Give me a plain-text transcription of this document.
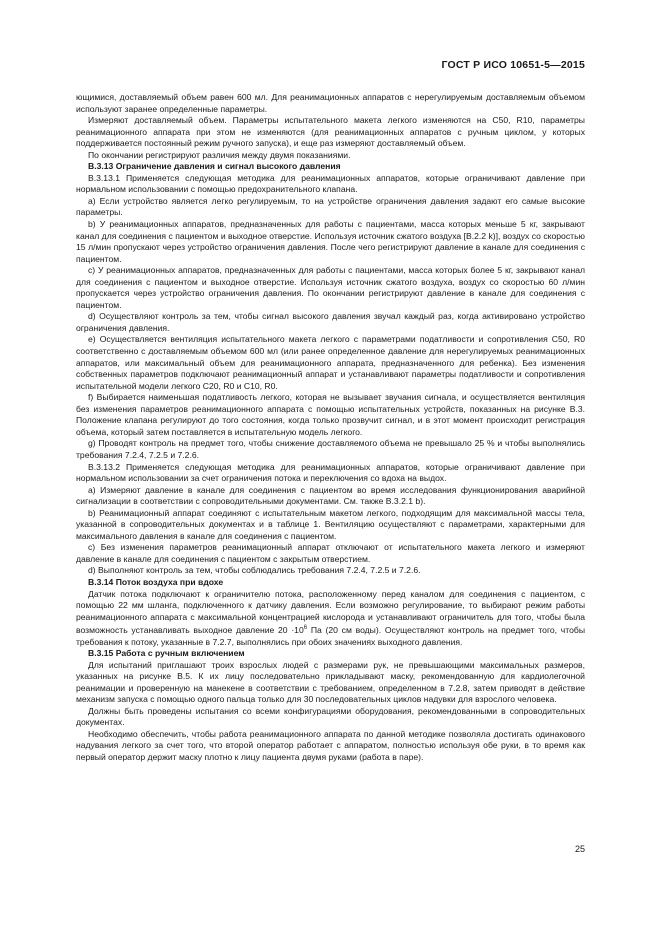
ГОСТ Р ИСО 10651-5—2015

ющимися, доставляемый объем равен 600 мл. Для реанимационных аппаратов с нерегулируемым доставляемым объемом используют заранее определенные параметры.

Измеряют доставляемый объем. Параметры испытательного макета легкого изменяются на С50, R10, параметры реанимационного аппарата при этом не изменяются (для реанимационных аппаратов с ручным циклом, у которых поддерживается постоянный режим ручного запуска), и еще раз измеряют доставляемый объем.

По окончании регистрируют различия между двумя показаниями.

В.3.13 Ограничение давления и сигнал высокого давления

В.3.13.1 Применяется следующая методика для реанимационных аппаратов, которые ограничивают давление при нормальном использовании с помощью предохранительного клапана.

а) Если устройство является легко регулируемым, то на устройстве ограничения давления задают его самые высокие параметры.

b) У реанимационных аппаратов, предназначенных для работы с пациентами, масса которых меньше 5 кг, закрывают канал для соединения с пациентом и выходное отверстие. Используя источник сжатого воздуха [В.2.2 k)], воздух со скоростью 15 л/мин пропускают через устройство ограничения давления. После чего регистрируют давление в канале для соединения с пациентом.

с) У реанимационных аппаратов, предназначенных для работы с пациентами, масса которых более 5 кг, закрывают канал для соединения с пациентом и выходное отверстие. Используя источник сжатого воздуха, воздух со скоростью 60 л/мин пропускается через устройство ограничения давления. По окончании регистрируют давление в канале для соединения с пациентом.

d) Осуществляют контроль за тем, чтобы сигнал высокого давления звучал каждый раз, когда активировано устройство ограничения давления.

е) Осуществляется вентиляция испытательного макета легкого с параметрами податливости и сопротивления С50, R0 соответственно с доставляемым объемом 600 мл (или ранее определенное давление для нерегулируемых реанимационных аппаратов, или максимальный объем для реанимационного аппарата, предназначенного для ребенка). Без изменения собственных параметров подключают реанимационный аппарат и устанавливают параметры податливости и сопротивления испытательной модели легкого С20, R0 и С10, R0.

f) Выбирается наименьшая податливость легкого, которая не вызывает звучания сигнала, и осуществляется вентиляция без изменения параметров реанимационного аппарата с помощью испытательных устройств, показанных на рисунке В.3. Положение клапана регулируют до того состояния, когда только прозвучит сигнал, и в этот момент происходит регистрация объема, который затем поставляется в испытательную модель легкого.

g) Проводят контроль на предмет того, чтобы снижение доставляемого объема не превышало 25 % и чтобы выполнялись требования 7.2.4, 7.2.5 и 7.2.6.

В.3.13.2 Применяется следующая методика для реанимационных аппаратов, которые ограничивают давление при нормальном использовании за счет ограничения потока и переключения со вдоха на выдох.

а) Измеряют давление в канале для соединения с пациентом во время исследования функционирования аварийной сигнализации в соответствии с сопроводительными документами. См. также В.3.2.1 b).

b) Реанимационный аппарат соединяют с испытательным макетом легкого, подходящим для максимальной массы тела, указанной в сопроводительных документах и в таблице 1. Вентиляцию осуществляют с параметрами, характерными для максимального давления в канале для соединения с пациентом.

с) Без изменения параметров реанимационный аппарат отключают от испытательного макета легкого и измеряют давление в канале для соединения с пациентом с закрытым отверстием.

d) Выполняют контроль за тем, чтобы соблюдались требования 7.2.4, 7.2.5 и 7.2.6.

В.3.14 Поток воздуха при вдохе

Датчик потока подключают к ограничителю потока, расположенному перед каналом для соединения с пациентом, с помощью 22 мм шланга, подключенного к датчику давления. Если возможно регулирование, то выбирают режим работы реанимационного аппарата с максимальной концентрацией кислорода и устанавливают ограничитель для того, чтобы была возможность устанавливать выходное давление $20 \cdot 10^6$ Па (20 см воды). Осуществляют контроль на предмет того, чтобы требования к потоку, указанные в 7.2.7, выполнялись при обоих значениях выходного давления.

В.3.15 Работа с ручным включением

Для испытаний приглашают троих взрослых людей с размерами рук, не превышающими максимальных размеров, указанных на рисунке В.5. К их лицу последовательно прикладывают маску, рекомендованную для кардиолегочной реанимации и проверенную на манекене в соответствии с требованием, определенном в 7.2.8, затем приводят в действие механизм запуска с помощью одного пальца только для 30 последовательных циклов надувки для взрослого человека.

Должны быть проведены испытания со всеми конфигурациями оборудования, рекомендованными в сопроводительных документах.

Необходимо обеспечить, чтобы работа реанимационного аппарата по данной методике позволяла достигать одинакового надувания легкого за счет того, что второй оператор работает с аппаратом, полностью используя обе руки, в то время как первый оператор держит маску плотно к лицу пациента двумя руками (работа в паре).

25
